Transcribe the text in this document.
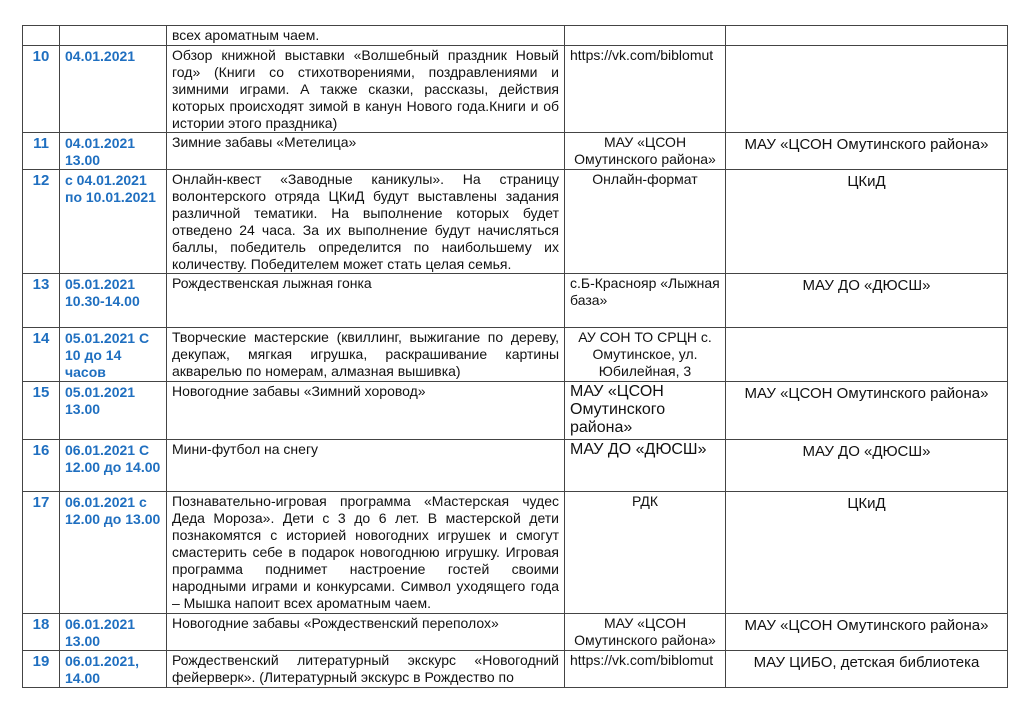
		всех ароматным чаем.		
10	04.01.2021	Обзор книжной выставки «Волшебный праздник Новый год» (Книги со стихотворениями, поздравлениями и зимними играми. А также сказки, рассказы, действия которых происходят зимой в канун Нового года.Книги и об истории этого праздника)	https://vk.com/biblomut	
11	04.01.2021 13.00	Зимние забавы «Метелица»	МАУ «ЦСОН Омутинского района»	МАУ «ЦСОН Омутинского района»
12	с 04.01.2021 по 10.01.2021	Онлайн-квест «Заводные каникулы». На страницу волонтерского отряда ЦКиД будут выставлены задания различной тематики. На выполнение которых будет отведено 24 часа. За их выполнение будут начисляться баллы, победитель определится по наибольшему их количеству. Победителем может стать целая семья.	Онлайн-формат	ЦКиД
13	05.01.2021 10.30-14.00	Рождественская лыжная гонка	с.Б-Краснояр «Лыжная база»	МАУ ДО «ДЮСШ»
14	05.01.2021 С 10 до 14 часов	Творческие мастерские (квиллинг, выжигание по дереву, декупаж, мягкая игрушка, раскрашивание картины акварелью по номерам, алмазная вышивка)	АУ СОН ТО СРЦН с. Омутинское, ул. Юбилейная, 3	
15	05.01.2021 13.00	Новогодние забавы «Зимний хоровод»	МАУ «ЦСОН Омутинского района»	МАУ «ЦСОН Омутинского района»
16	06.01.2021 С 12.00 до 14.00	Мини-футбол на снегу	МАУ ДО «ДЮСШ»	МАУ ДО «ДЮСШ»
17	06.01.2021 с 12.00 до 13.00	Познавательно-игровая программа «Мастерская чудес Деда Мороза». Дети с 3 до 6 лет. В мастерской дети познакомятся с историей новогодних игрушек и смогут смастерить себе в подарок новогоднюю игрушку. Игровая программа поднимет настроение гостей своими народными играми и конкурсами. Символ уходящего года – Мышка напоит всех ароматным чаем.	РДК	ЦКиД
18	06.01.2021 13.00	Новогодние забавы «Рождественский переполох»	МАУ «ЦСОН Омутинского района»	МАУ «ЦСОН Омутинского района»
19	06.01.2021, 14.00	Рождественский литературный экскурс «Новогодний фейерверк». (Литературный экскурс в Рождество по	https://vk.com/biblomut	МАУ ЦИБО, детская библиотека
